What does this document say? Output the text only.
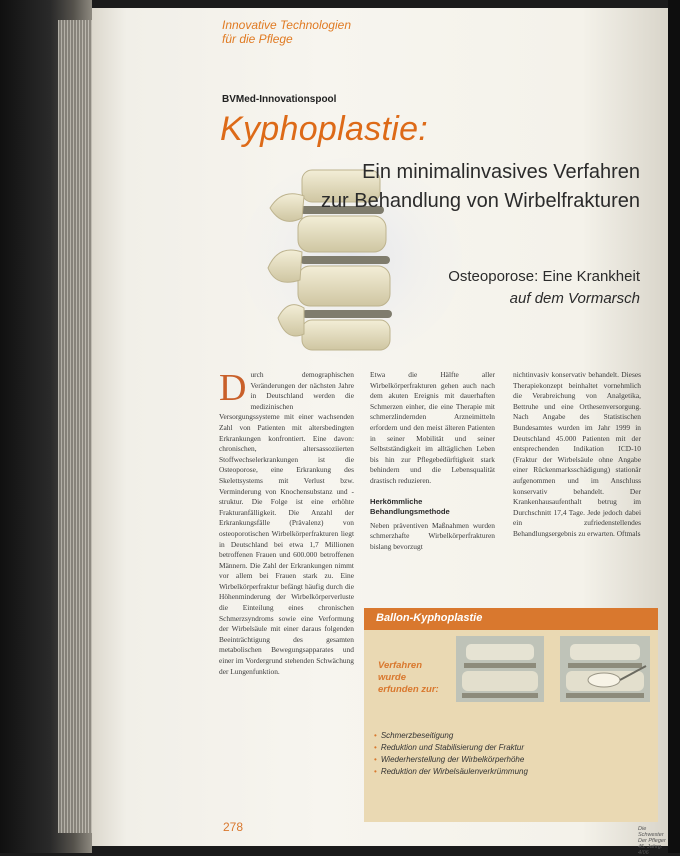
Innovative Technologien
für die Pflege
BVMed-Innovationspool
Kyphoplastie:
Ein minimalinvasives Verfahren
zur Behandlung von Wirbelfrakturen
Osteoporose: Eine Krankheit
auf dem Vormarsch
D urch demographischen Veränderungen der nächsten Jahre in Deutschland werden die medizinischen Versorgungssysteme mit einer wachsenden Zahl von Patienten mit altersbedingten Erkrankungen konfrontiert. Eine davon: chronischen, altersassoziierten Stoffwechselerkrankungen ist die Osteoporose, eine Erkrankung des Skelettsystems mit Verlust bzw. Verminderung von Knochensubstanz und -struktur. Die Folge ist eine erhöhte Frakturanfälligkeit. Die Anzahl der Erkrankungsfälle (Prävalenz) von osteoporotischen Wirbelkörperfrakturen liegt in Deutschland bei etwa 1,7 Millionen betroffenen Frauen und 600.000 betroffenen Männern. Die Zahl der Erkrankungen nimmt vor allem bei Frauen stark zu. Eine Wirbelkörperfraktur befängt häufig durch die Höhenminderung der Wirbelkörperverluste die Einteilung eines chronischen Schmerzsyndroms sowie eine Verformung der Wirbelsäule mit einer daraus folgenden Beeinträchtigung des gesamten metabolischen Bewegungsapparates und einer im Vordergrund stehenden Schwächung der Lungenfunktion.
Etwa die Hälfte aller Wirbelkörperfrakturen gehen auch nach dem akuten Ereignis mit dauerhaften Schmerzen einher, die eine Therapie mit schmerzlindernden Arzneimitteln erfordern und den meist älteren Patienten in seiner Mobilität und seiner Selbstständigkeit im alltäglichen Leben bis hin zur Pflegebedürftigkeit stark behindern und die Lebensqualität drastisch reduzieren.
Herkömmliche Behandlungsmethode
Neben präventiven Maßnahmen wurden schmerzhafte Wirbelkörperfrakturen bislang bevorzugt
nichtinvasiv konservativ behandelt. Dieses Therapiekonzept beinhaltet vornehmlich die Verabreichung von Analgetika, Bettruhe und eine Orthesenversorgung. Nach Angabe des Statistischen Bundesamtes wurden im Jahr 1999 in Deutschland 45.000 Patienten mit der entsprechenden Indikation ICD-10 (Fraktur der Wirbelsäule ohne Angabe einer Rückenmarksschädigung) stationär aufgenommen und im Anschluss konservativ behandelt. Der Krankenhausaufenthalt betrug im Durchschnitt 17,4 Tage. Jede jedoch dabei ein zufriedenstellendes Behandlungsergebnis zu erwarten. Oftmals
278	Die Schwester Der Pfleger 45. Jahrg. 4/06
Ballon-Kyphoplastie
Verfahren
wurde
erfunden zur:
• Schmerzbeseitigung
• Reduktion und Stabilisierung der Fraktur
• Wiederherstellung der Wirbelkörperhöhe
• Reduktion der Wirbelsäulenverkrümmung
